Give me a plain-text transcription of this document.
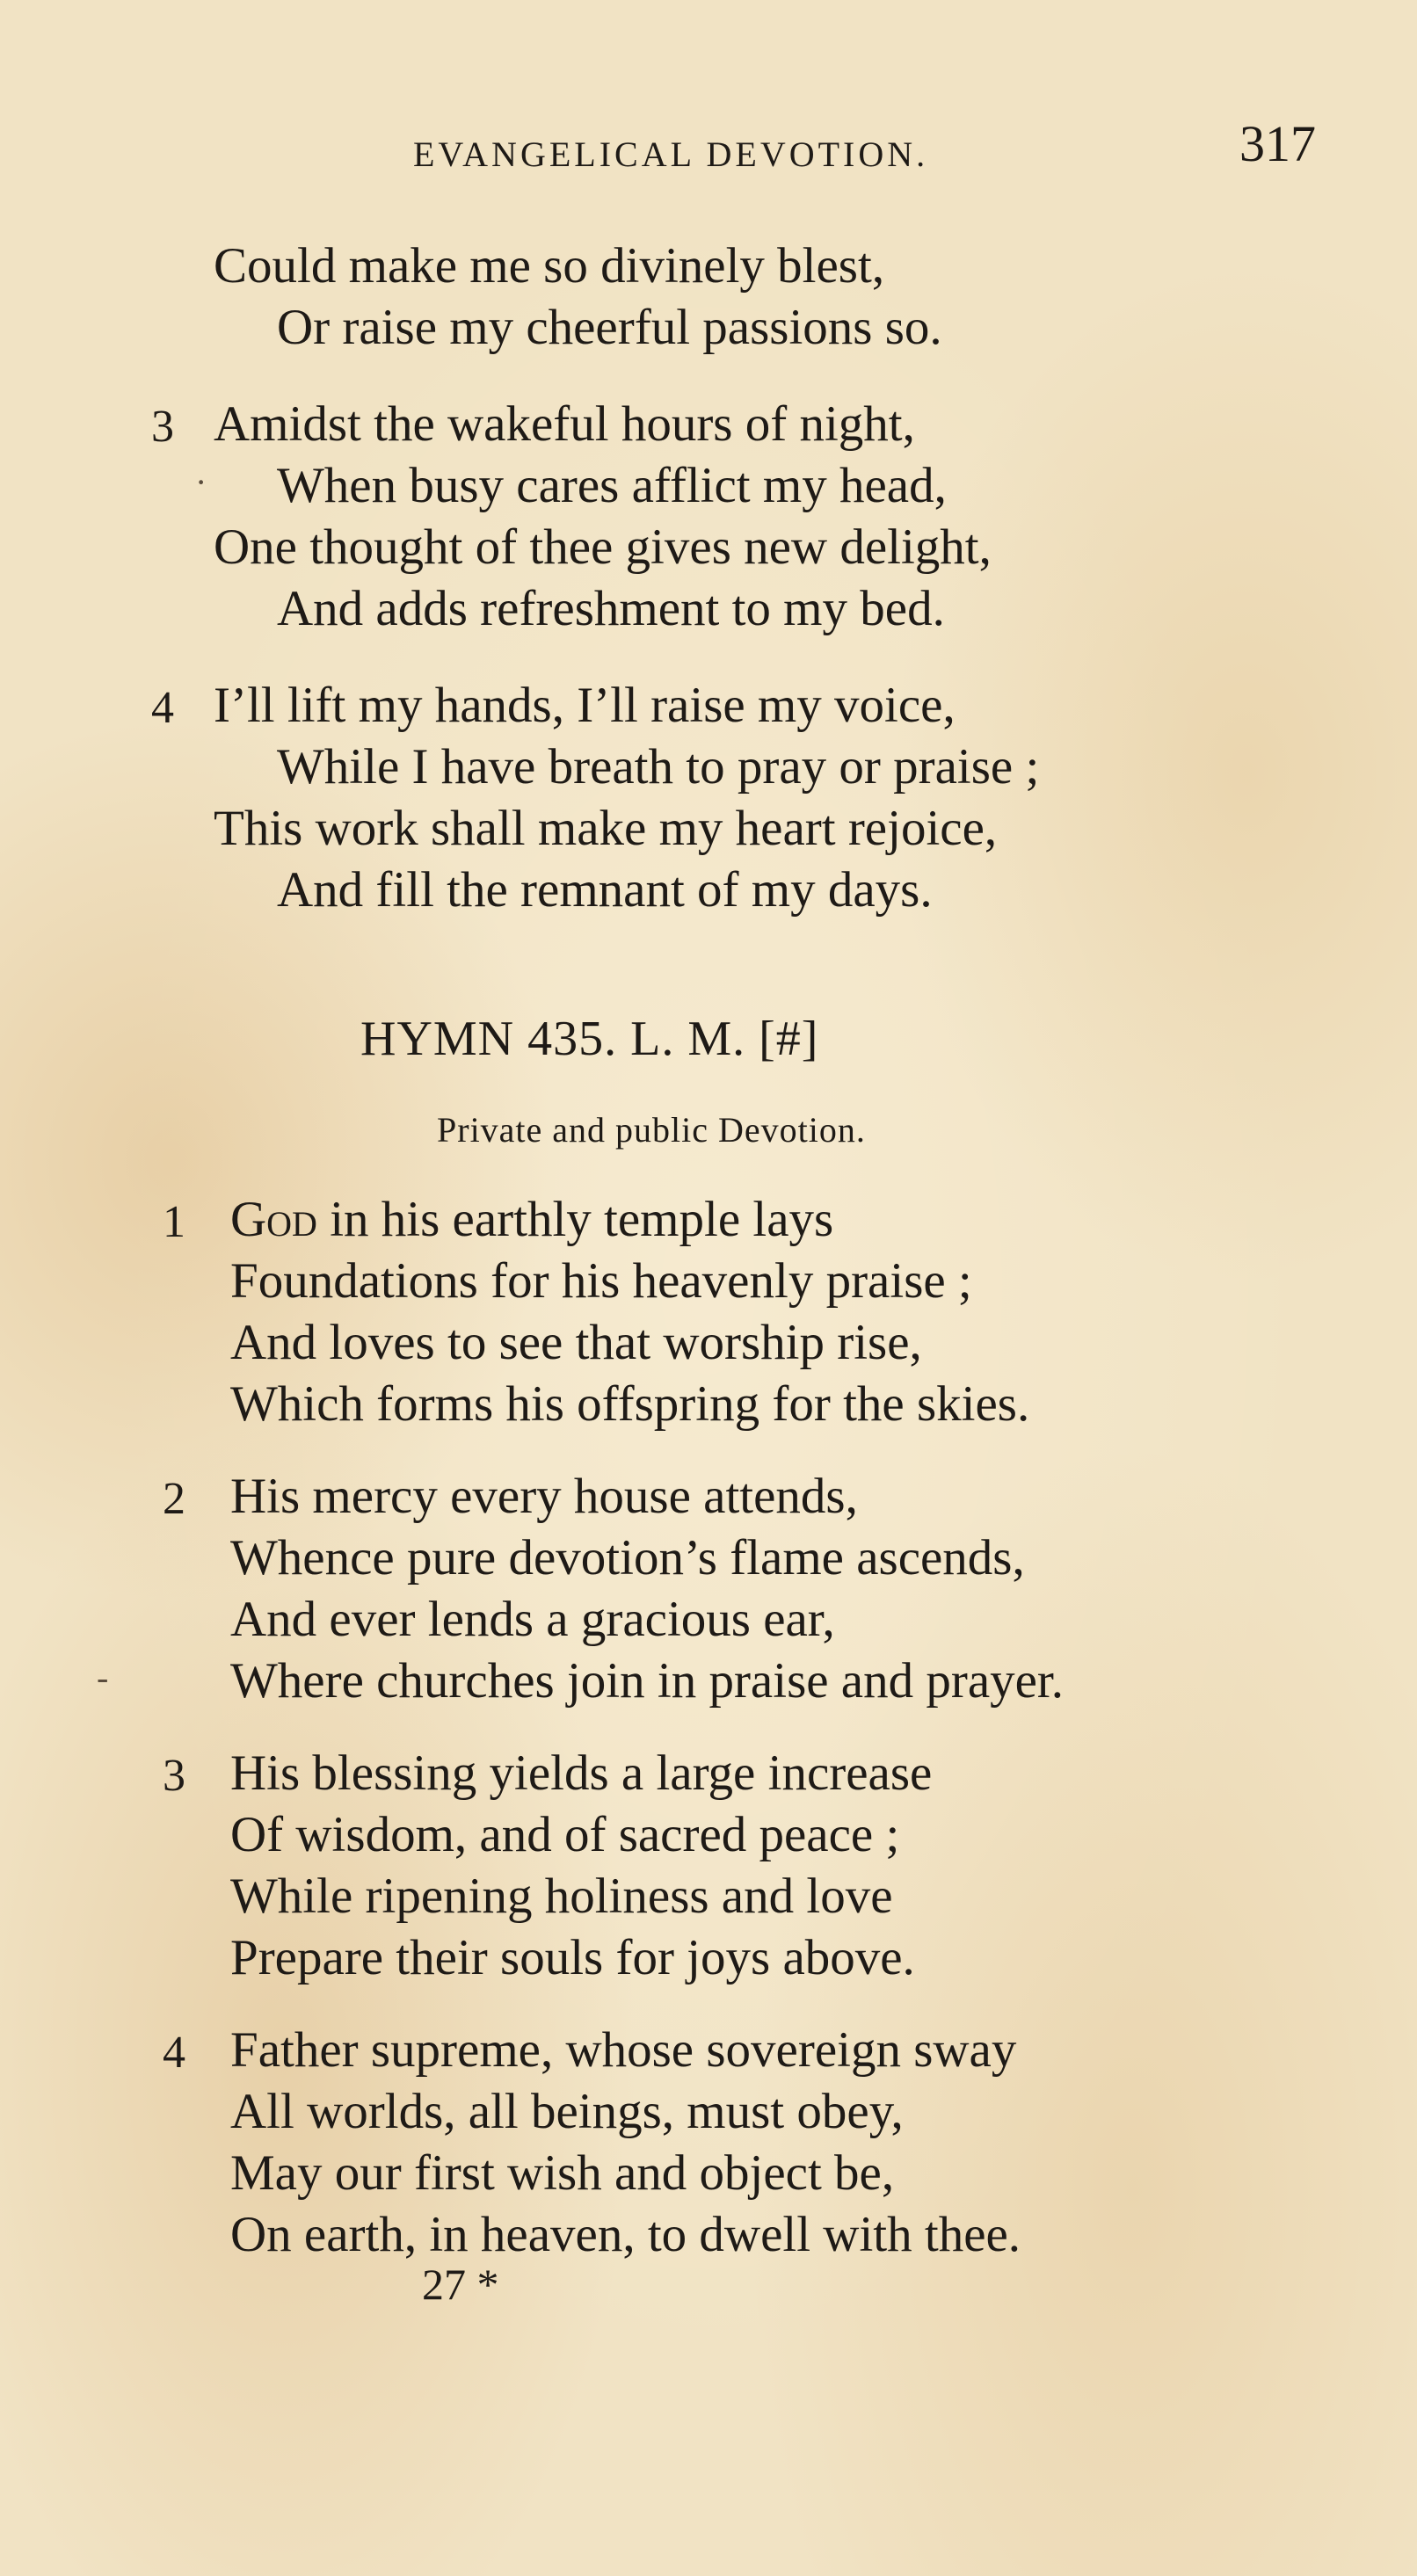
EVANGELICAL DEVOTION.	317
Could make me so divinely blest,
Or raise my cheerful passions so.
3 Amidst the wakeful hours of night,
When busy cares afflict my head,
One thought of thee gives new delight,
And adds refreshment to my bed.
4 I’ll lift my hands, I’ll raise my voice,
While I have breath to pray or praise ;
This work shall make my heart rejoice,
And fill the remnant of my days.
HYMN 435. L. M. [#]
Private and public Devotion.
1 God in his earthly temple lays
Foundations for his heavenly praise ;
And loves to see that worship rise,
Which forms his offspring for the skies.
2 His mercy every house attends,
Whence pure devotion’s flame ascends,
And ever lends a gracious ear,
Where churches join in praise and prayer.
3 His blessing yields a large increase
Of wisdom, and of sacred peace ;
While ripening holiness and love
Prepare their souls for joys above.
4 Father supreme, whose sovereign sway
All worlds, all beings, must obey,
May our first wish and object be,
On earth, in heaven, to dwell with thee.
27 *
-
·
